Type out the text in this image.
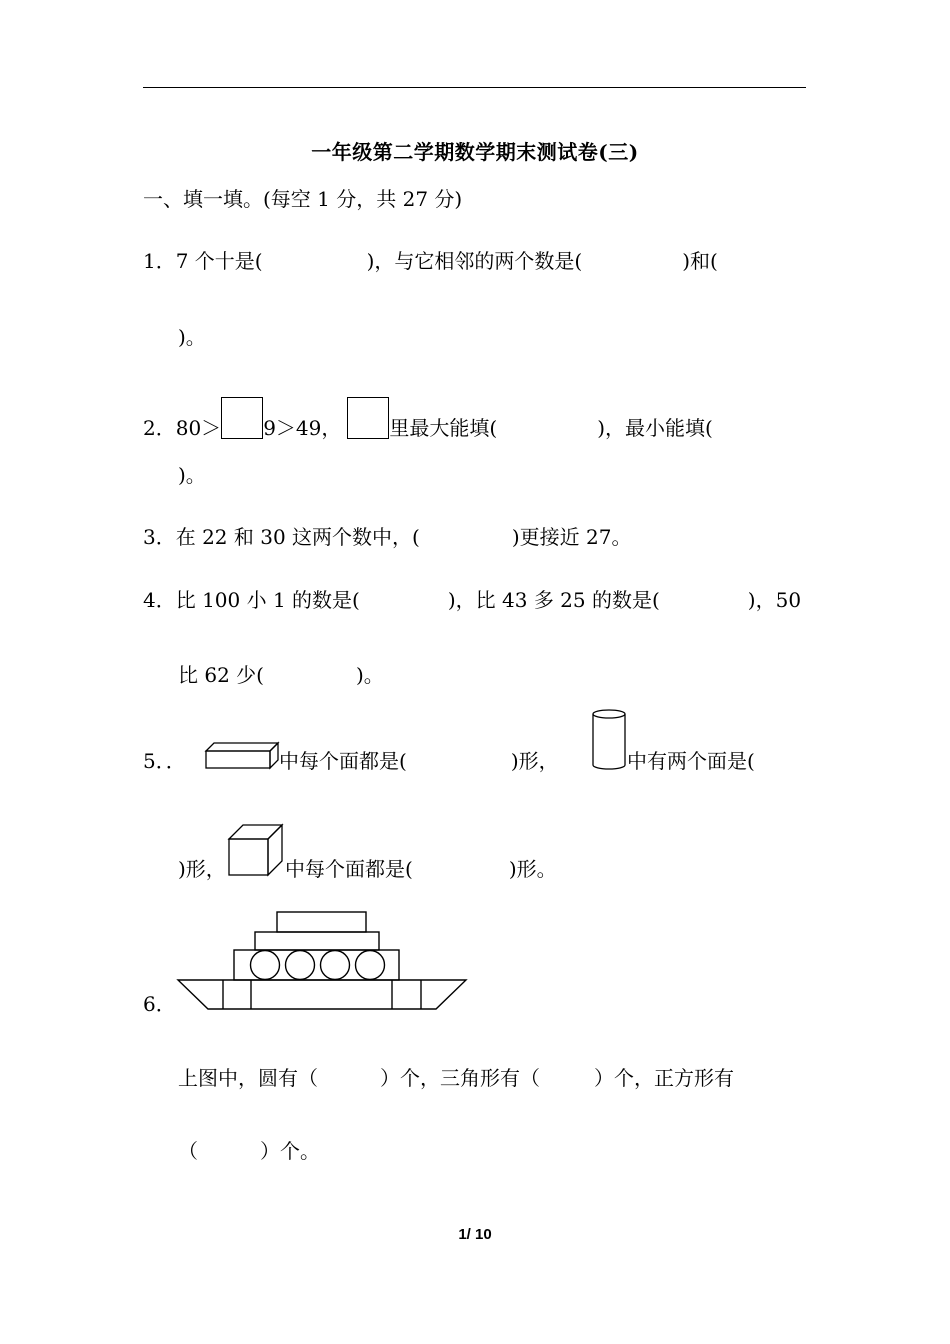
一年级第二学期数学期末测试卷(三)
一、填一填。(每空 1 分，共 27 分)
1．7 个十是(	)，与它相邻的两个数是(	)和(
)。
2．80＞ 9＞49， 里最大能填(	)，最小能填(
)。
3．在 22 和 30 这两个数中，(	)更接近 27。
4．比 100 小 1 的数是(	)，比 43 多 25 的数是(	)，50
比 62 少(	)。
5．．	中每个面都是(	)形，	中有两个面是(
)形，	中每个面都是(	)形。
6．
上图中，圆有（	）个，三角形有（	）个，正方形有
（	）个。
1/ 10
